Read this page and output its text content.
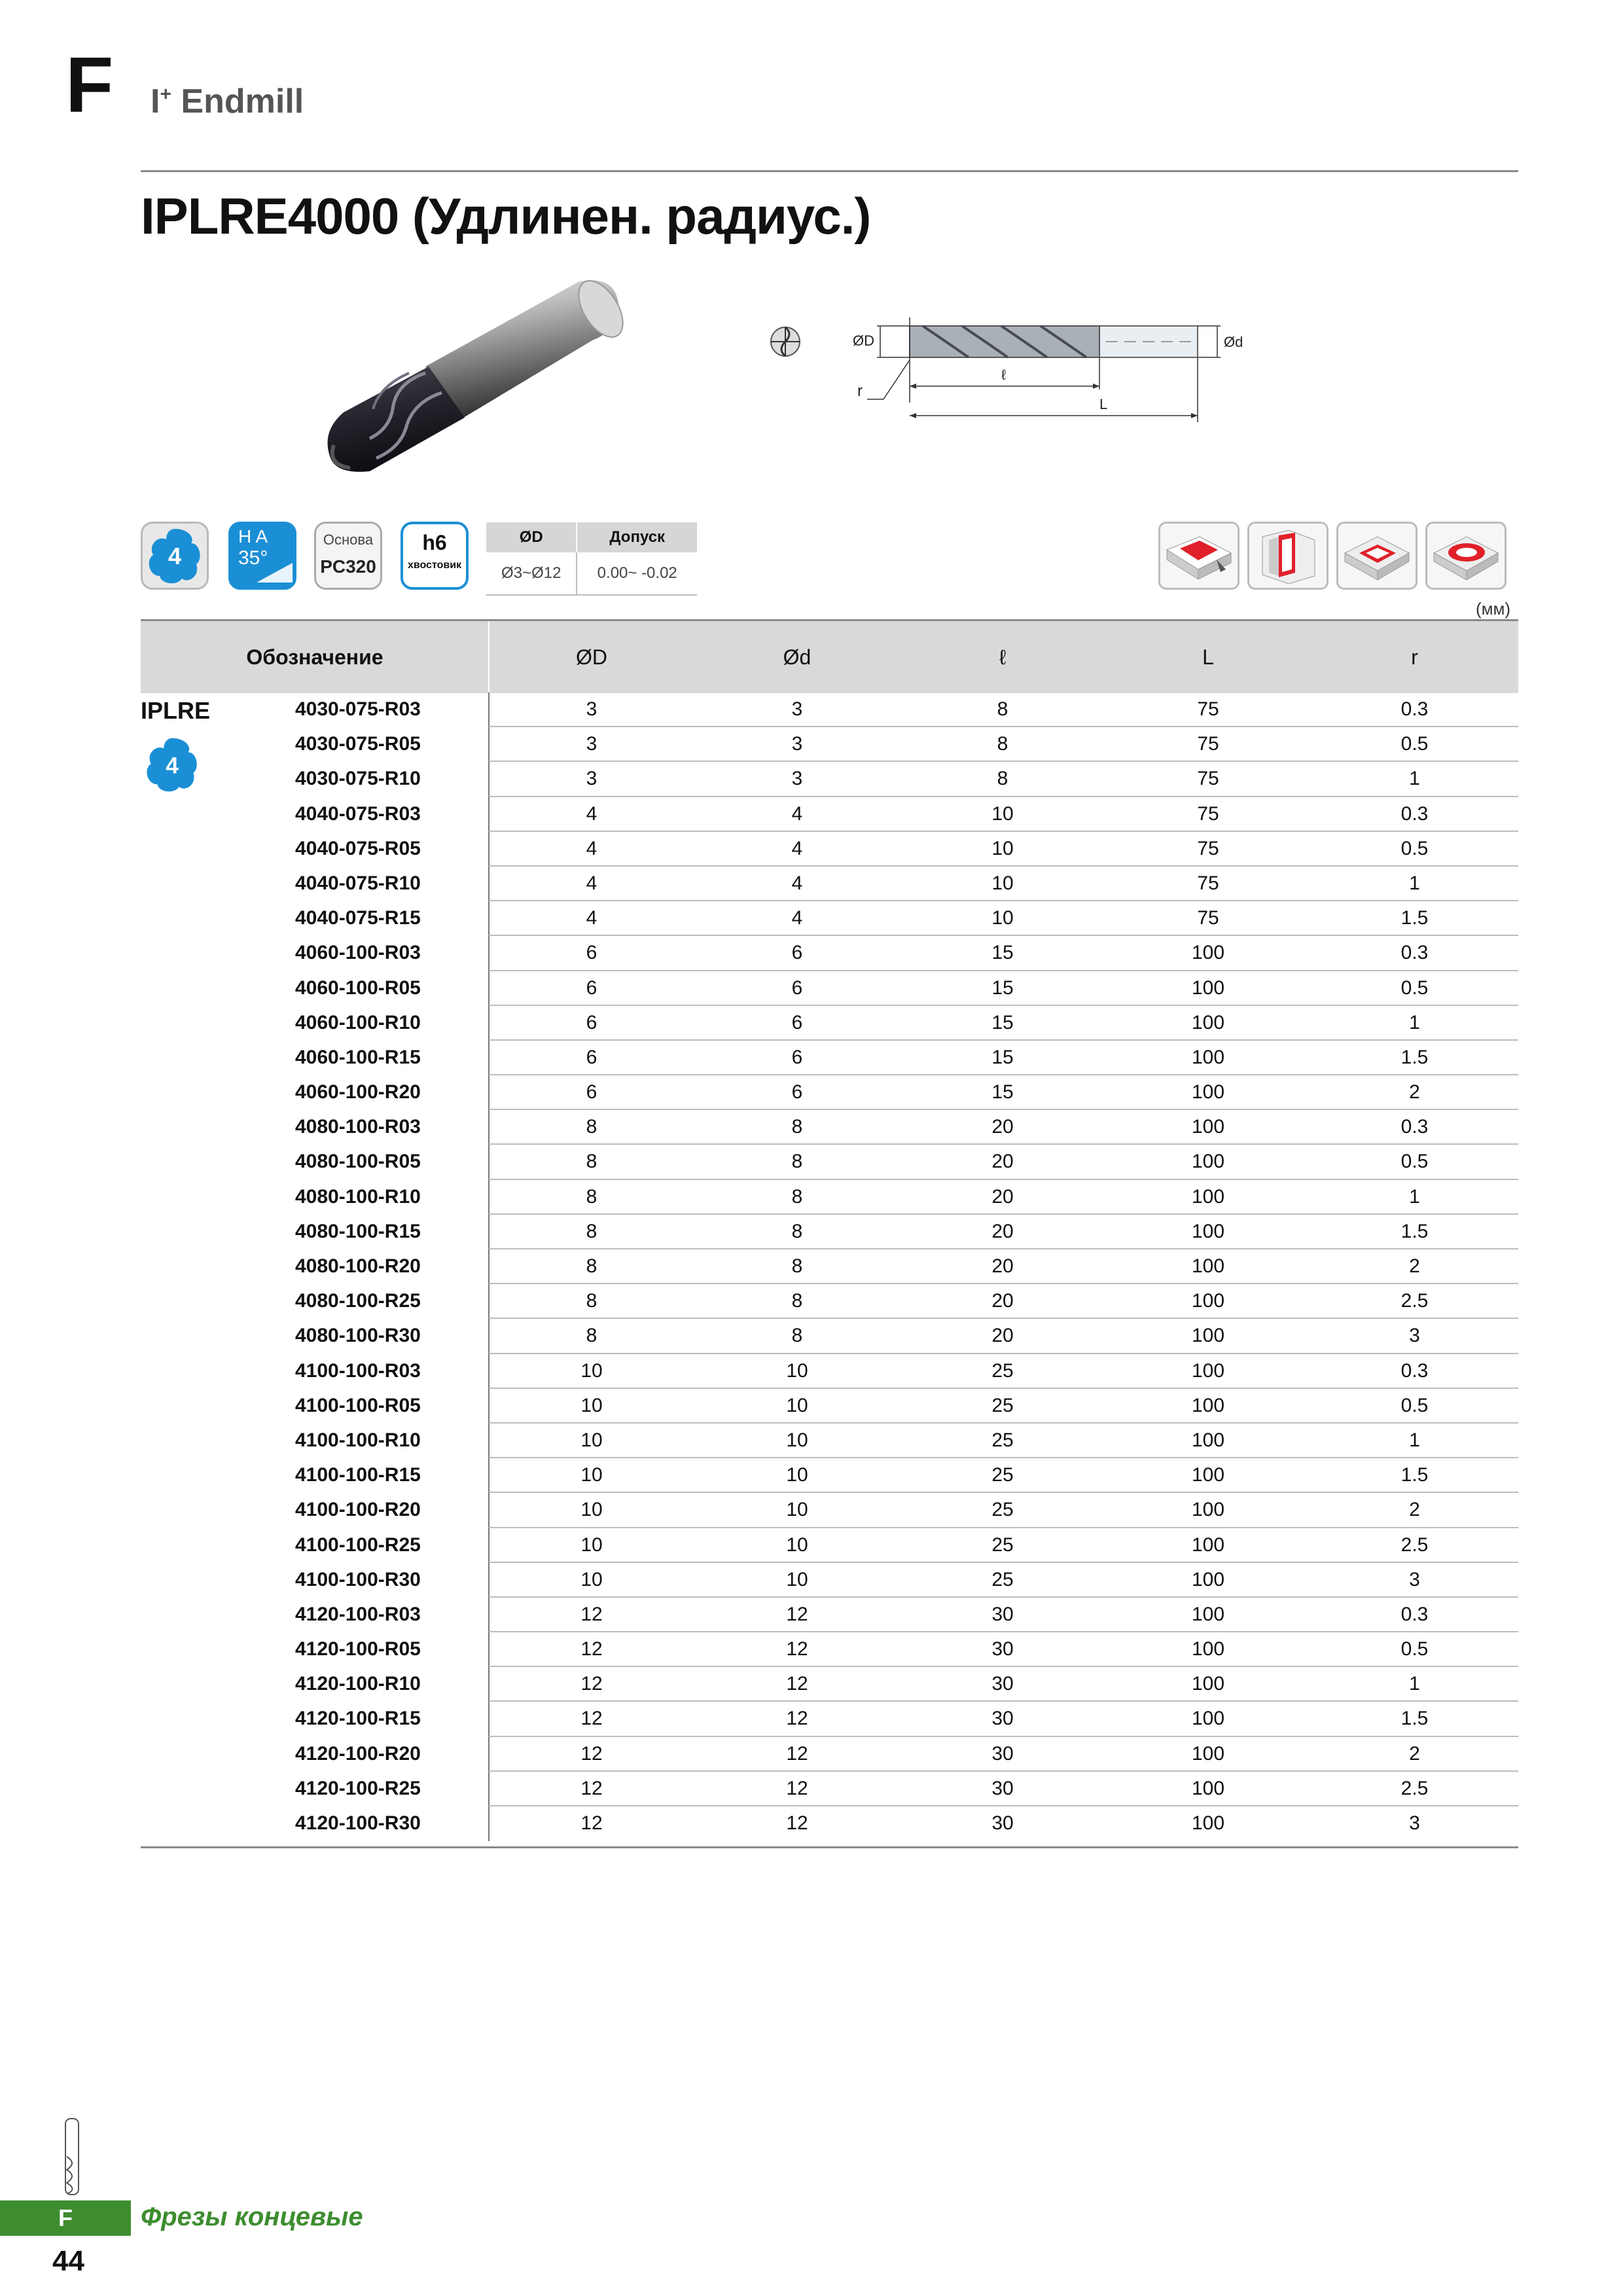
F I+ Endmill
IPLRE4000 (Удлинен. радиус.)
ØD	Ød
r
ℓ
L
4
H A
35°
Основа
PC320
h6
хвостовик
ØD	Допуск
Ø3~Ø12	0.00~ -0.02
(мм)
Обозначение	ØD	Ød	ℓ	L	r
IPLRE
4
4030-075-R03	3	3	8	75	0.3
4030-075-R05	3	3	8	75	0.5
4030-075-R10	3	3	8	75	1
4040-075-R03	4	4	10	75	0.3
4040-075-R05	4	4	10	75	0.5
4040-075-R10	4	4	10	75	1
4040-075-R15	4	4	10	75	1.5
4060-100-R03	6	6	15	100	0.3
4060-100-R05	6	6	15	100	0.5
4060-100-R10	6	6	15	100	1
4060-100-R15	6	6	15	100	1.5
4060-100-R20	6	6	15	100	2
4080-100-R03	8	8	20	100	0.3
4080-100-R05	8	8	20	100	0.5
4080-100-R10	8	8	20	100	1
4080-100-R15	8	8	20	100	1.5
4080-100-R20	8	8	20	100	2
4080-100-R25	8	8	20	100	2.5
4080-100-R30	8	8	20	100	3
4100-100-R03	10	10	25	100	0.3
4100-100-R05	10	10	25	100	0.5
4100-100-R10	10	10	25	100	1
4100-100-R15	10	10	25	100	1.5
4100-100-R20	10	10	25	100	2
4100-100-R25	10	10	25	100	2.5
4100-100-R30	10	10	25	100	3
4120-100-R03	12	12	30	100	0.3
4120-100-R05	12	12	30	100	0.5
4120-100-R10	12	12	30	100	1
4120-100-R15	12	12	30	100	1.5
4120-100-R20	12	12	30	100	2
4120-100-R25	12	12	30	100	2.5
4120-100-R30	12	12	30	100	3
F	Фрезы концевые
44
